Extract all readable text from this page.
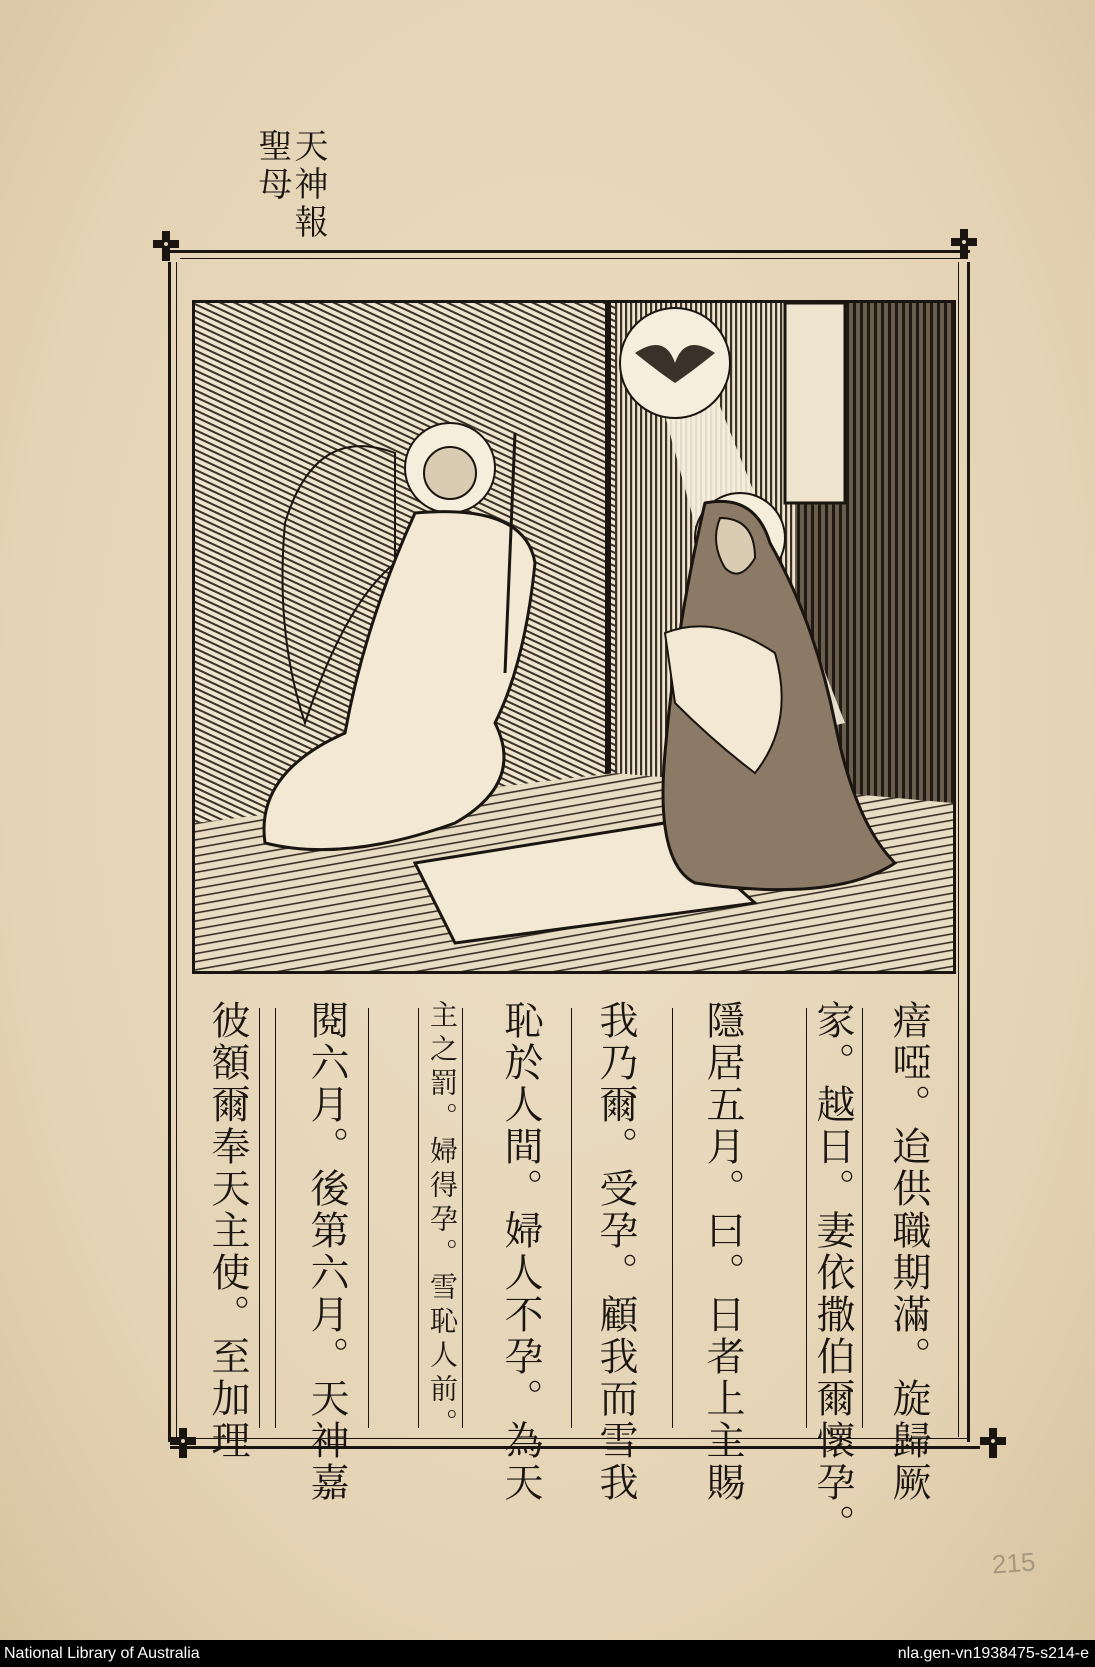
天神報
聖母
瘖啞。迨供職期滿。旋歸厥
家。越日。妻依撒伯爾懷孕。
隱居五月。曰。日者上主賜
我乃爾。受孕。顧我而雪我
恥於人間。婦人不孕。為天
主之罰。婦得孕。雪恥人前。
閱六月。後第六月。天神嘉
彼額爾奉天主使。至加理
215
National Library of Australia	nla.gen-vn1938475-s214-e
